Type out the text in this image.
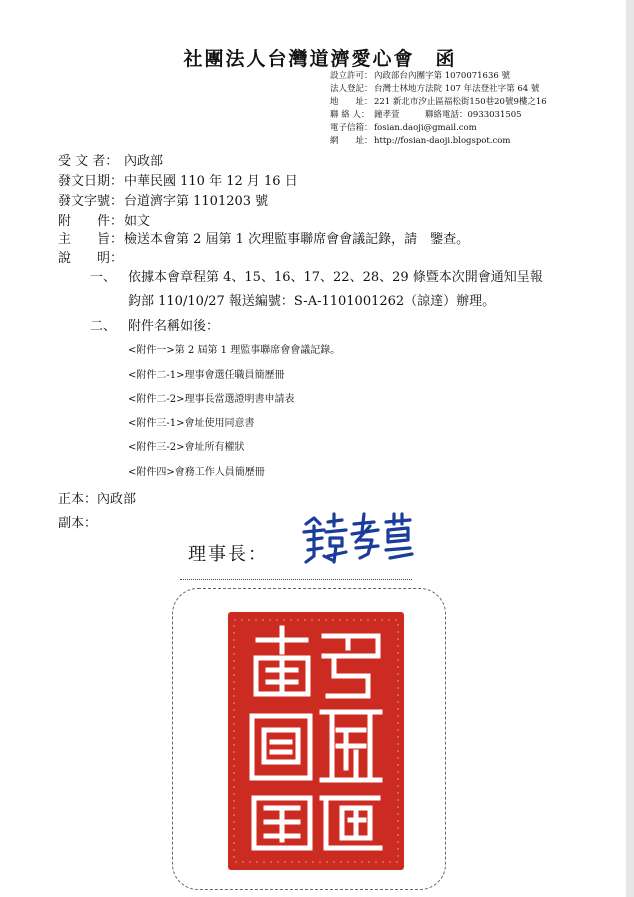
社團法人台灣道濟愛心會　函
設立許可：內政部台內團字第 1070071636 號
法人登記：台灣士林地方法院 107 年法登社字第 64 號
地　　址：221 新北市汐止區福松街150巷20號9樓之16
聯 絡 人： 鐘孝萱　　　聯絡電話：0933031505
電子信箱：fosian.daoji@gmail.com
網　　址：http://fosian-daoji.blogspot.com
受 文 者： 內政部
發文日期：中華民國 110 年 12 月 16 日
發文字號：台道濟字第 1101203 號
附　　件：如文
主　　旨：檢送本會第 2 屆第 1 次理監事聯席會會議記錄，請　鑒查。
說　　明：
一、 依據本會章程第 4、15、16、17、22、28、29 條暨本次開會通知呈報
鈞部 110/10/27 報送編號：S-A-1101001262（諒達）辦理。
二、 附件名稱如後：
<附件一>第 2 屆第 1 理監事聯席會會議記錄。
<附件二-1>理事會選任職員簡歷冊
<附件二-2>理事長當選證明書申請表
<附件三-1>會址使用同意書
<附件三-2>會址所有權狀
<附件四>會務工作人員簡歷冊
正本：內政部
副本：
理事長：
